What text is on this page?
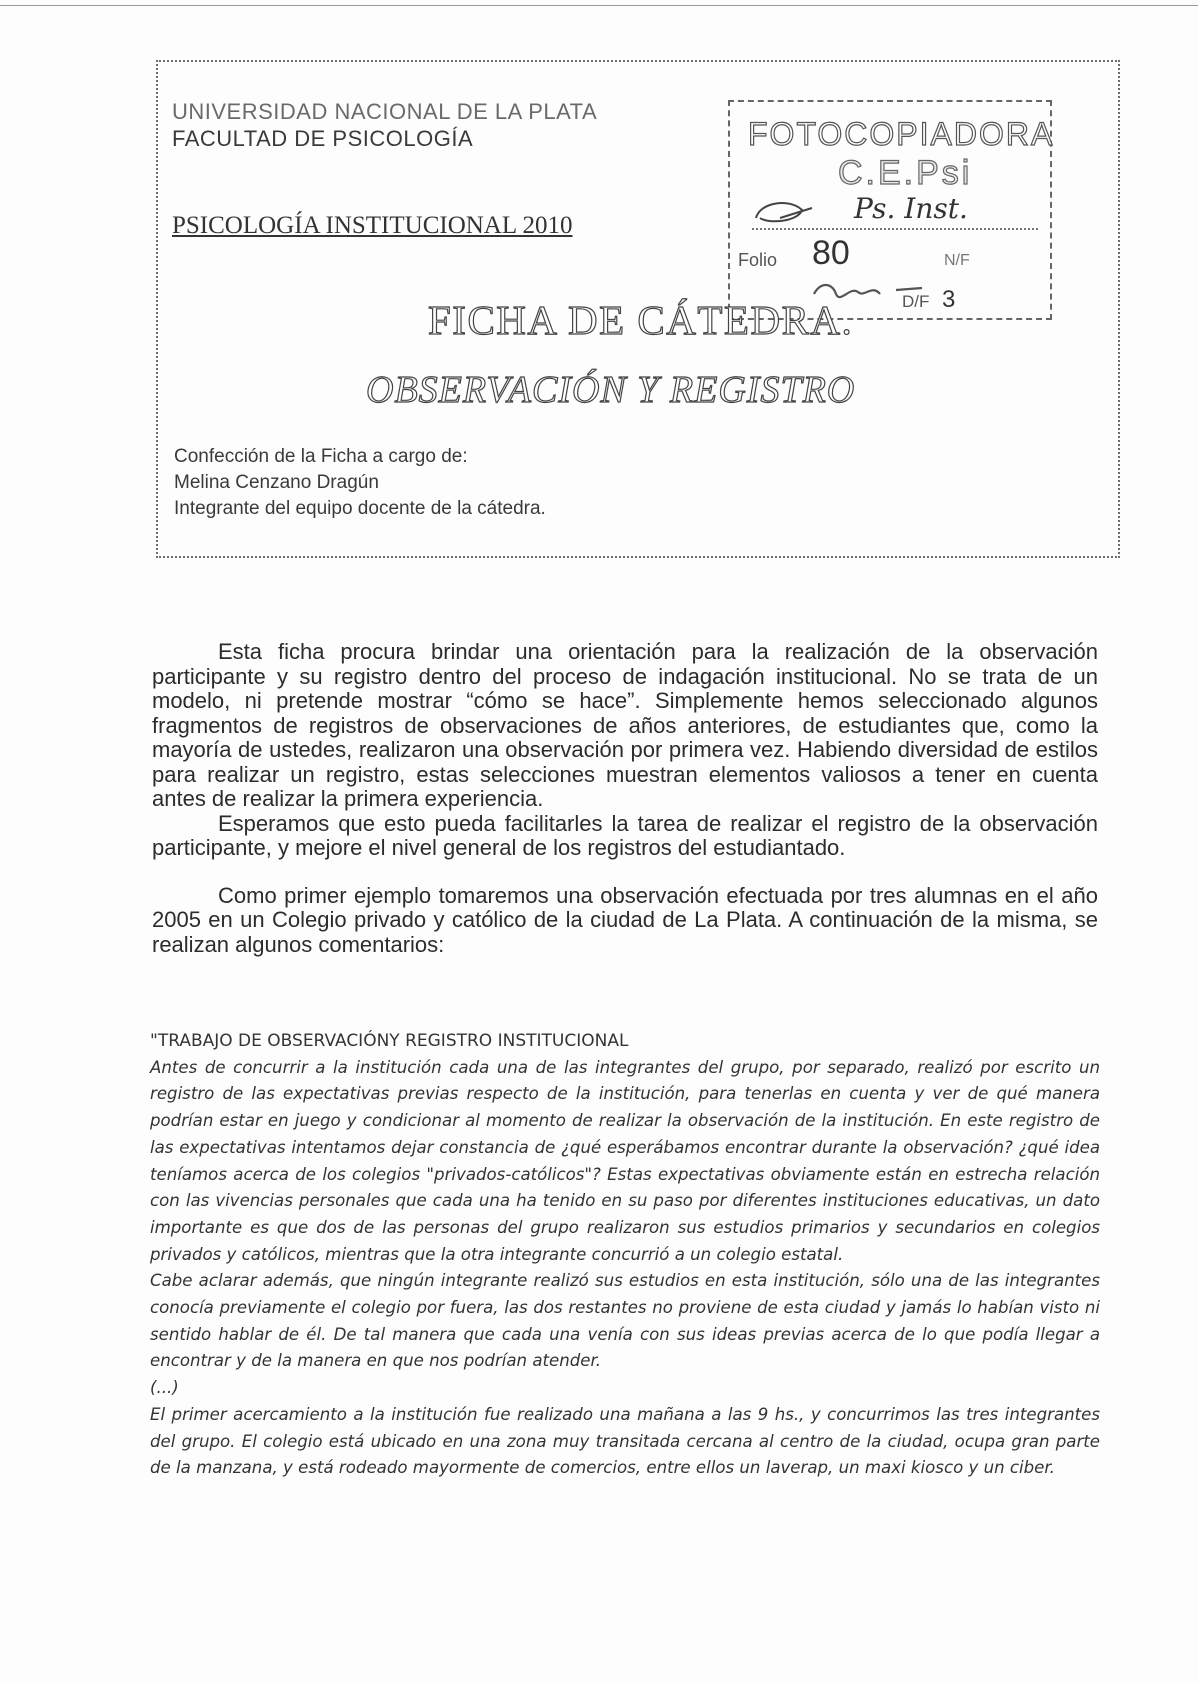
UNIVERSIDAD NACIONAL DE LA PLATA
FACULTAD DE PSICOLOGÍA
PSICOLOGÍA INSTITUCIONAL 2010
FOTOCOPIADORA
C.E.Psi
Ps. Inst.
Folio 80	N/F
D/F 3
FICHA DE CÁTEDRA.
OBSERVACIÓN Y REGISTRO
Confección de la Ficha a cargo de:
Melina Cenzano Dragún
Integrante del equipo docente de la cátedra.

Esta ficha procura brindar una orientación para la realización de la observación participante y su registro dentro del proceso de indagación institucional. No se trata de un modelo, ni pretende mostrar “cómo se hace”. Simplemente hemos seleccionado algunos fragmentos de registros de observaciones de años anteriores, de estudiantes que, como la mayoría de ustedes, realizaron una observación por primera vez. Habiendo diversidad de estilos para realizar un registro, estas selecciones muestran elementos valiosos a tener en cuenta antes de realizar la primera experiencia.

Esperamos que esto pueda facilitarles la tarea de realizar el registro de la observación participante, y mejore el nivel general de los registros del estudiantado.

Como primer ejemplo tomaremos una observación efectuada por tres alumnas en el año 2005 en un Colegio privado y católico de la ciudad de La Plata. A continuación de la misma, se realizan algunos comentarios:

"TRABAJO DE OBSERVACIÓNY REGISTRO INSTITUCIONAL

Antes de concurrir a la institución cada una de las integrantes del grupo, por separado, realizó por escrito un registro de las expectativas previas respecto de la institución, para tenerlas en cuenta y ver de qué manera podrían estar en juego y condicionar al momento de realizar la observación de la institución. En este registro de las expectativas intentamos dejar constancia de ¿qué esperábamos encontrar durante la observación? ¿qué idea teníamos acerca de los colegios "privados-católicos"? Estas expectativas obviamente están en estrecha relación con las vivencias personales que cada una ha tenido en su paso por diferentes instituciones educativas, un dato importante es que dos de las personas del grupo realizaron sus estudios primarios y secundarios en colegios privados y católicos, mientras que la otra integrante concurrió a un colegio estatal.

Cabe aclarar además, que ningún integrante realizó sus estudios en esta institución, sólo una de las integrantes conocía previamente el colegio por fuera, las dos restantes no proviene de esta ciudad y jamás lo habían visto ni sentido hablar de él. De tal manera que cada una venía con sus ideas previas acerca de lo que podía llegar a encontrar y de la manera en que nos podrían atender.

(...)

El primer acercamiento a la institución fue realizado una mañana a las 9 hs., y concurrimos las tres integrantes del grupo. El colegio está ubicado en una zona muy transitada cercana al centro de la ciudad, ocupa gran parte de la manzana, y está rodeado mayormente de comercios, entre ellos un laverap, un maxi kiosco y un ciber.
